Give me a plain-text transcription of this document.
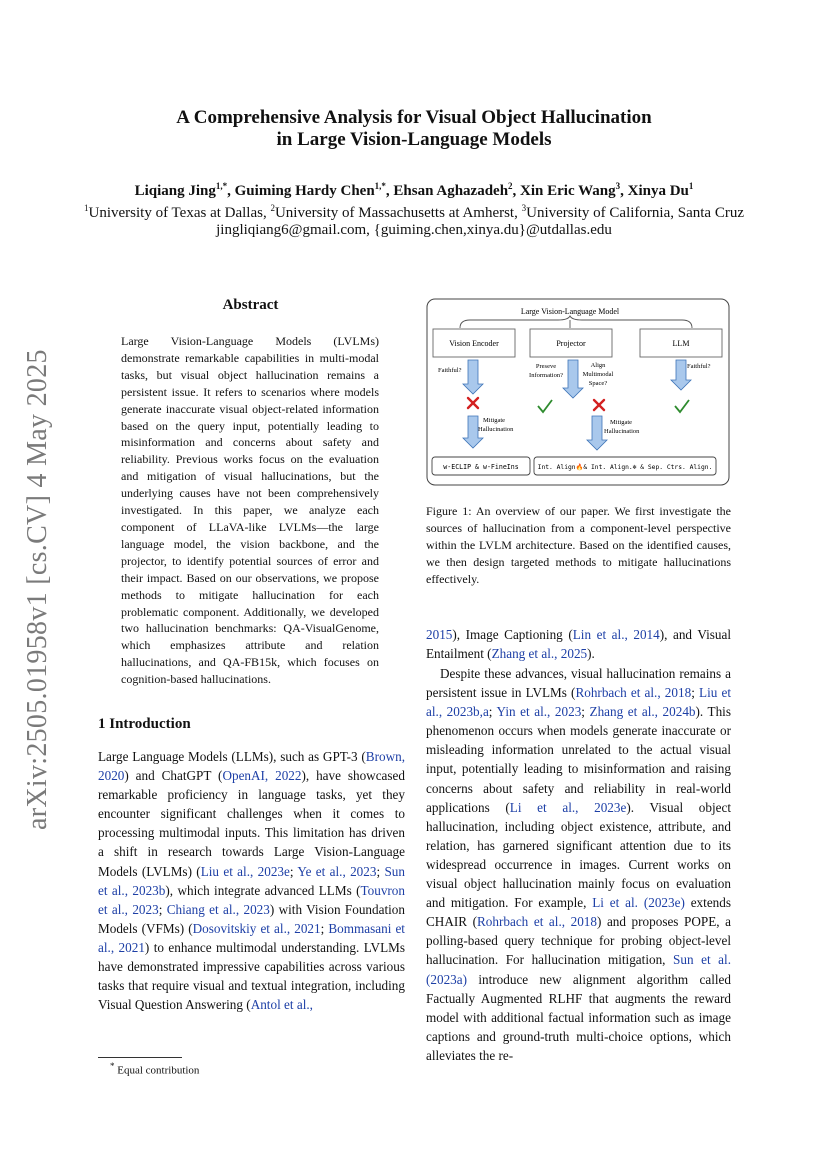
A Comprehensive Analysis for Visual Object Hallucination
in Large Vision-Language Models
Liqiang Jing$^{1,*}$, Guiming Hardy Chen$^{1,*}$, Ehsan Aghazadeh$^2$, Xin Eric Wang$^3$, Xinya Du$^1$
$^1$University of Texas at Dallas, $^2$University of Massachusetts at Amherst, $^3$University of California, Santa Cruz
jingliqiang6@gmail.com, {guiming.chen,xinya.du}@utdallas.edu
arXiv:2505.01958v1 [cs.CV] 4 May 2025
Abstract
Large Vision-Language Models (LVLMs) demonstrate remarkable capabilities in multi-modal tasks, but visual object hallucination remains a persistent issue. It refers to scenarios where models generate inaccurate visual object-related information based on the query input, potentially leading to misinformation and concerns about safety and reliability. Previous works focus on the evaluation and mitigation of visual hallucinations, but the underlying causes have not been comprehensively investigated. In this paper, we analyze each component of LLaVA-like LVLMs—the large language model, the vision backbone, and the projector, to identify potential sources of error and their impact. Based on our observations, we propose methods to mitigate hallucination for each problematic component. Additionally, we developed two hallucination benchmarks: QA-VisualGenome, which emphasizes attribute and relation hallucinations, and QA-FB15k, which focuses on cognition-based hallucinations.
1 Introduction

Large Language Models (LLMs), such as GPT-3 (Brown, 2020) and ChatGPT (OpenAI, 2022), have showcased remarkable proficiency in language tasks, yet they encounter significant challenges when it comes to processing multimodal inputs. This limitation has driven a shift in research towards Large Vision-Language Models (LVLMs) (Liu et al., 2023e; Ye et al., 2023; Sun et al., 2023b), which integrate advanced LLMs (Touvron et al., 2023; Chiang et al., 2023) with Vision Foundation Models (VFMs) (Dosovitskiy et al., 2021; Bommasani et al., 2021) to enhance multimodal understanding. LVLMs have demonstrated impressive capabilities across various tasks that require visual and textual integration, including Visual Question Answering (Antol et al.,

* Equal contribution
Large Vision-Language Model
Vision Encoder	Projector	LLM
Faithful?
Preseve
Information?
Align
Multimodal
Space?
Faithful?
Mitigate
Hallucination
Mitigate
Hallucination
w-ECLIP & w-FineIns	Int. Align🔥& Int. Align.❄ & Sep. Ctrs. Align.
Figure 1: An overview of our paper. We first investigate the sources of hallucination from a component-level perspective within the LVLM architecture. Based on the identified causes, we then design targeted methods to mitigate hallucinations effectively.

2015), Image Captioning (Lin et al., 2014), and Visual Entailment (Zhang et al., 2025).

Despite these advances, visual hallucination remains a persistent issue in LVLMs (Rohrbach et al., 2018; Liu et al., 2023b,a; Yin et al., 2023; Zhang et al., 2024b). This phenomenon occurs when models generate inaccurate or misleading information unrelated to the actual visual input, potentially leading to misinformation and raising concerns about safety and reliability in real-world applications (Li et al., 2023e). Visual object hallucination, including object existence, attribute, and relation, has garnered significant attention due to its widespread occurrence in images. Current works on visual object hallucination mainly focus on evaluation and mitigation. For example, Li et al. (2023e) extends CHAIR (Rohrbach et al., 2018) and proposes POPE, a polling-based query technique for probing object-level hallucination. For hallucination mitigation, Sun et al. (2023a) introduce new alignment algorithm called Factually Augmented RLHF that augments the reward model with additional factual information such as image captions and ground-truth multi-choice options, which alleviates the re-
